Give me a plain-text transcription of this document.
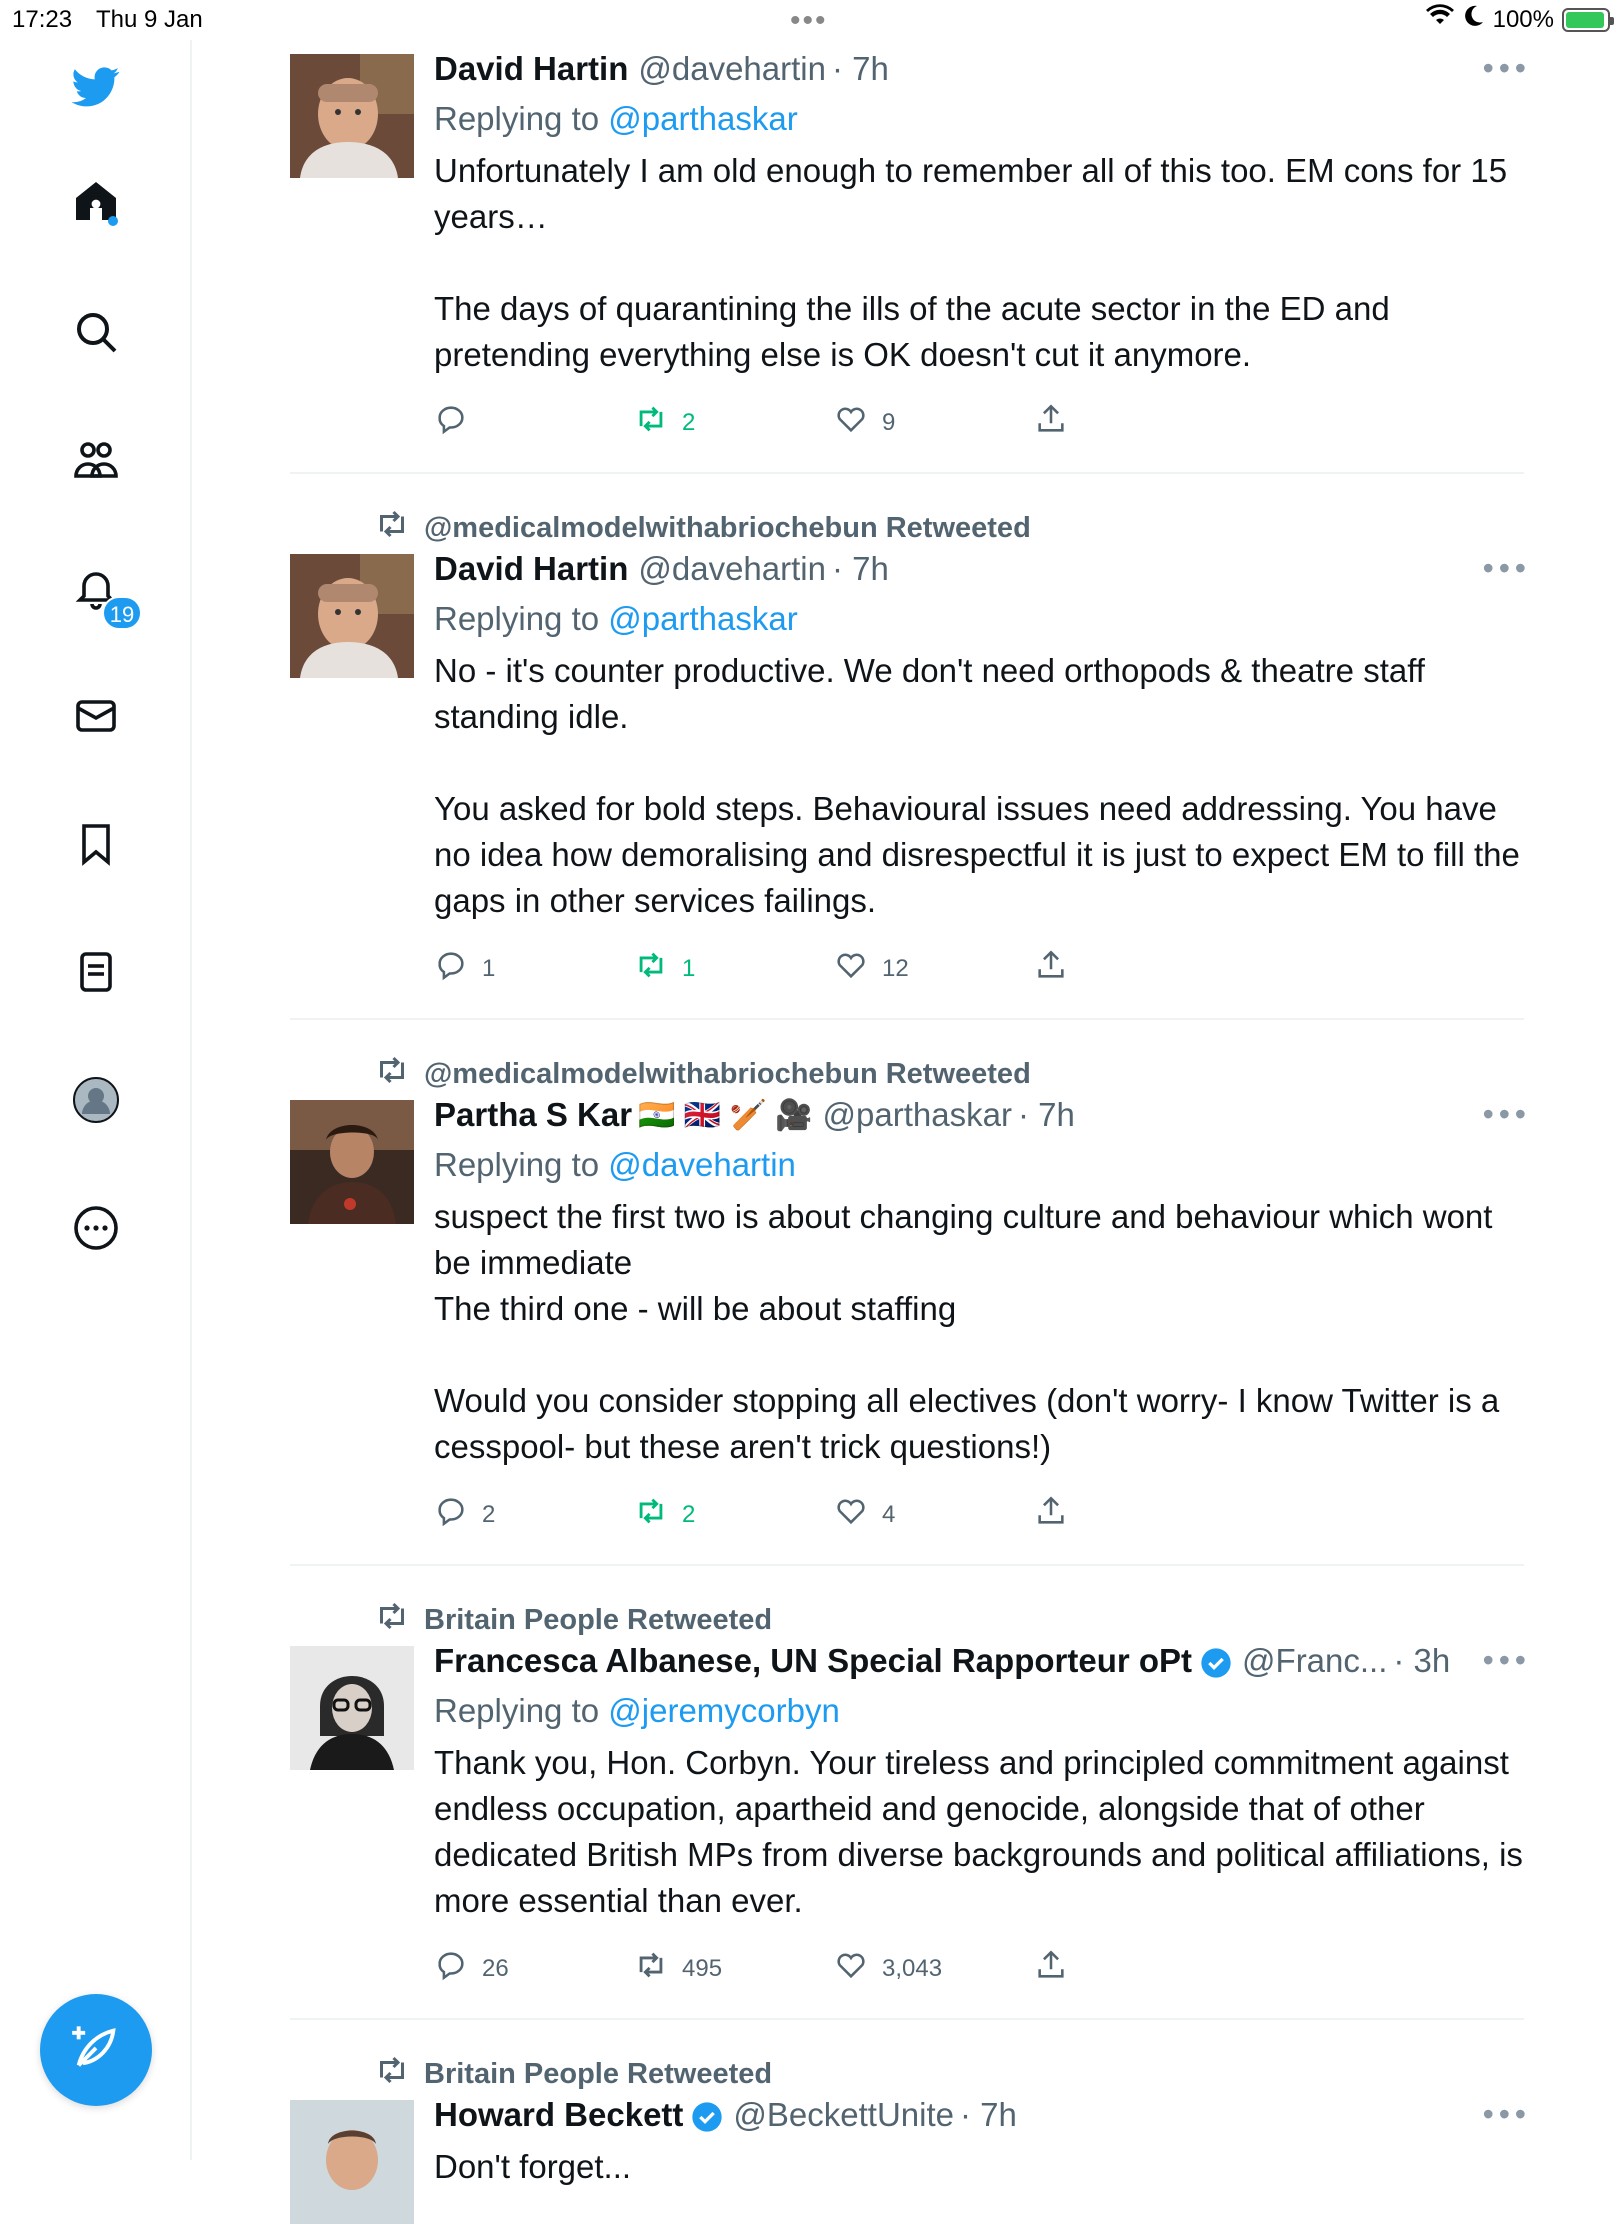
17:23 Thu 9 Jan	•••	100%
19
David Hartin @davehartin · 7h	• • •
Replying to @parthaskar
Unfortunately I am old enough to remember all of this too. EM cons for 15 years…

The days of quarantining the ills of the acute sector in the ED and pretending everything else is OK doesn't cut it anymore.
2	9
@medicalmodelwithabriochebun Retweeted
David Hartin @davehartin · 7h	• • •
Replying to @parthaskar
No - it's counter productive. We don't need orthopods & theatre staff standing idle.

You asked for bold steps. Behavioural issues need addressing. You have no idea how demoralising and disrespectful it is just to expect EM to fill the gaps in other services failings.
1	1	12
@medicalmodelwithabriochebun Retweeted
Partha S Kar 🇮🇳 🇬🇧 🏏 🎥 @parthaskar · 7h	• • •
Replying to @davehartin
suspect the first two is about changing culture and behaviour which wont be immediate
The third one - will be about staffing

Would you consider stopping all electives (don't worry- I know Twitter is a cesspool- but these aren't trick questions!)
2	2	4
Britain People Retweeted
Francesca Albanese, UN Special Rapporteur oPt @Franc... · 3h • • •
Replying to @jeremycorbyn
Thank you, Hon. Corbyn. Your tireless and principled commitment against endless occupation, apartheid and genocide, alongside that of other dedicated British MPs from diverse backgrounds and political affiliations, is more essential than ever.
26	495	3,043
Britain People Retweeted
Howard Beckett @BeckettUnite · 7h	• • •
Don't forget...
